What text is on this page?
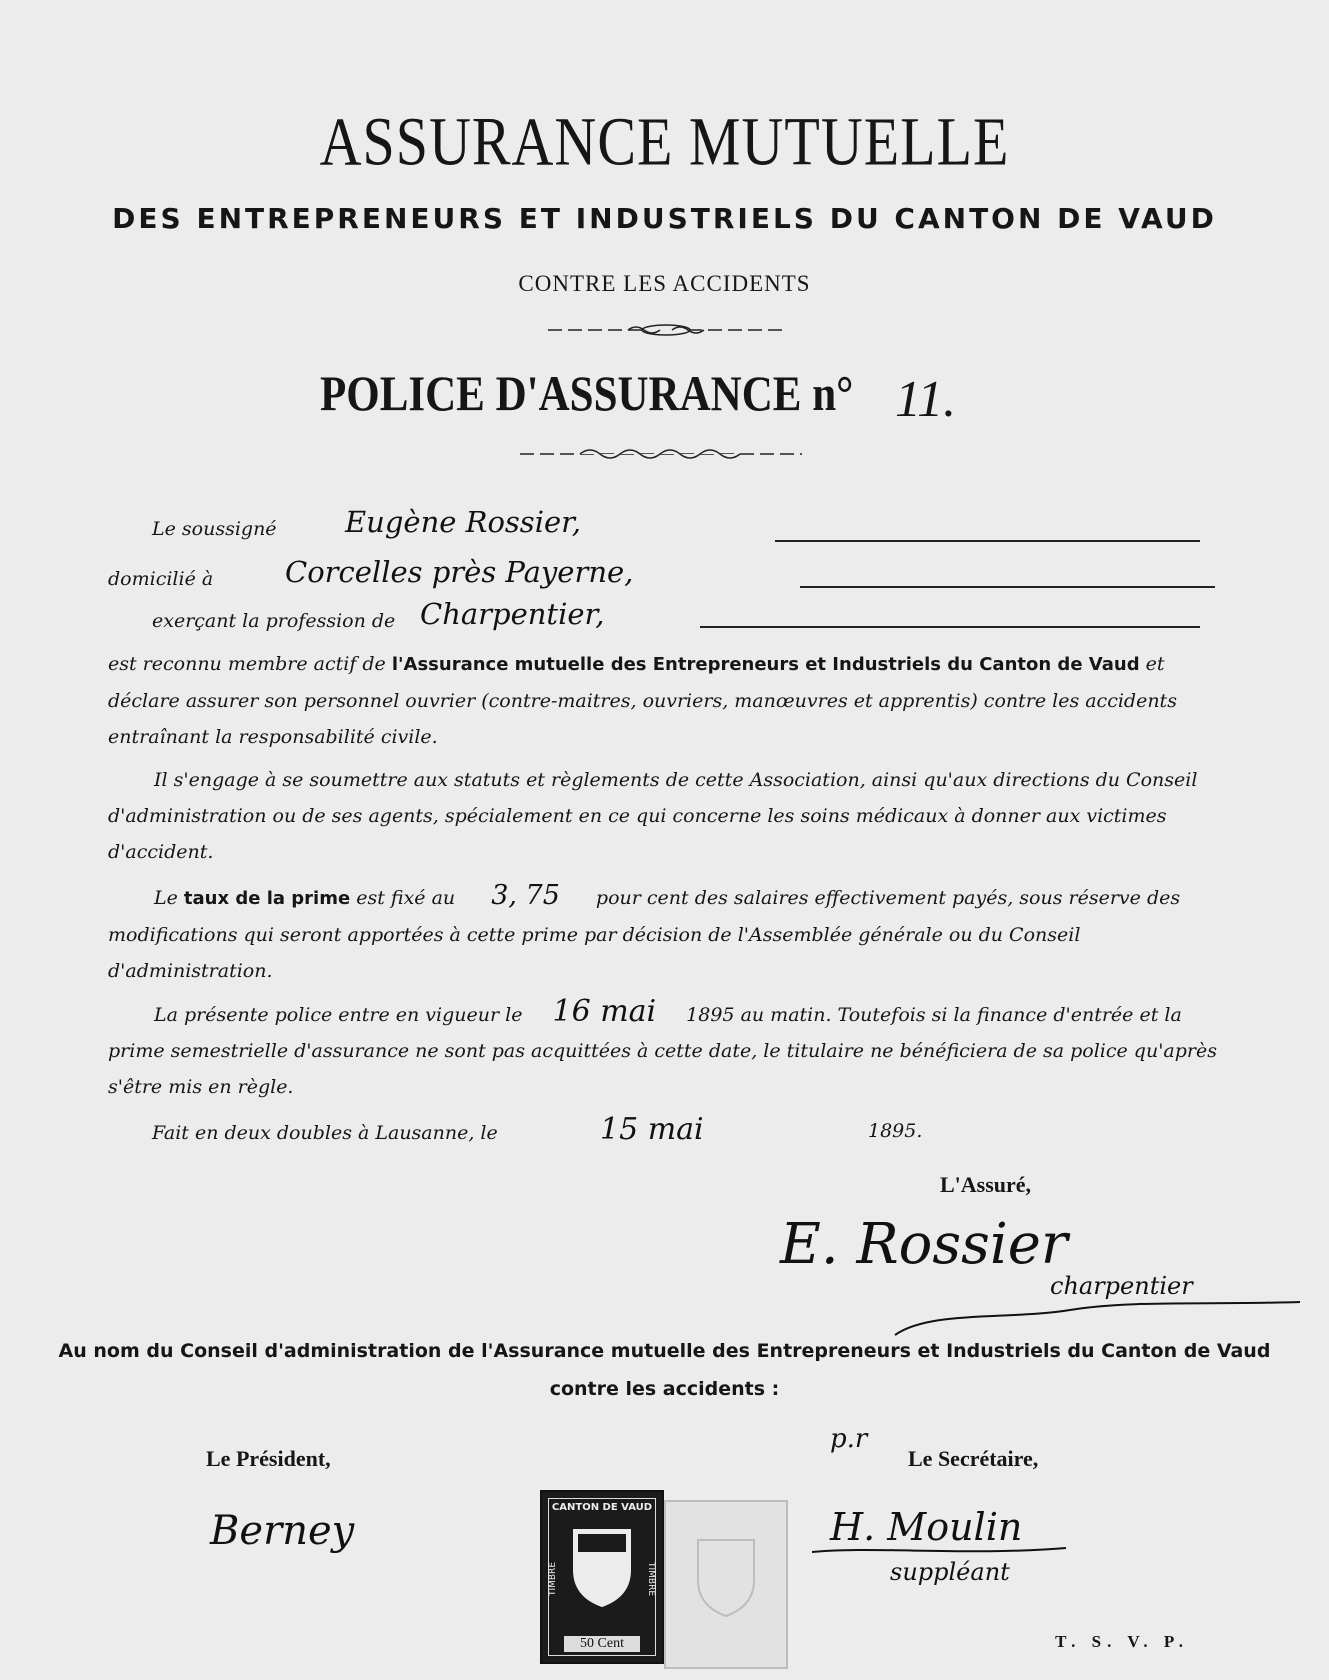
ASSURANCE MUTUELLE
DES ENTREPRENEURS ET INDUSTRIELS DU CANTON DE VAUD
CONTRE LES ACCIDENTS
POLICE D'ASSURANCE n° 11.
Le soussigné Eugène Rossier,
domicilié à Corcelles près Payerne,
exerçant la profession de Charpentier,
est reconnu membre actif de l'Assurance mutuelle des Entrepreneurs et Industriels du Canton de Vaud et déclare assurer son personnel ouvrier (contre-maitres, ouvriers, manœuvres et apprentis) contre les accidents entraînant la responsabilité civile.
Il s'engage à se soumettre aux statuts et règlements de cette Association, ainsi qu'aux directions du Conseil d'administration ou de ses agents, spécialement en ce qui concerne les soins médicaux à donner aux victimes d'accident.
Le taux de la prime est fixé au 3, 75 pour cent des salaires effectivement payés, sous réserve des modifications qui seront apportées à cette prime par décision de l'Assemblée générale ou du Conseil d'administration.
La présente police entre en vigueur le 16 mai 1895 au matin. Toutefois si la finance d'entrée et la prime semestrielle d'assurance ne sont pas acquittées à cette date, le titulaire ne bénéficiera de sa police qu'après s'être mis en règle.
Fait en deux doubles à Lausanne, le	15 mai	1895.
L'Assuré,
E. Rossier
charpentier
Au nom du Conseil d'administration de l'Assurance mutuelle des Entrepreneurs et Industriels du Canton de Vaud
contre les accidents :
Le Président,
Berney
p.r
Le Secrétaire,
H. Moulin
suppléant
CANTON DE VAUD
TIMBRE	TIMBRE
50 Cent	T. S. V. P.
